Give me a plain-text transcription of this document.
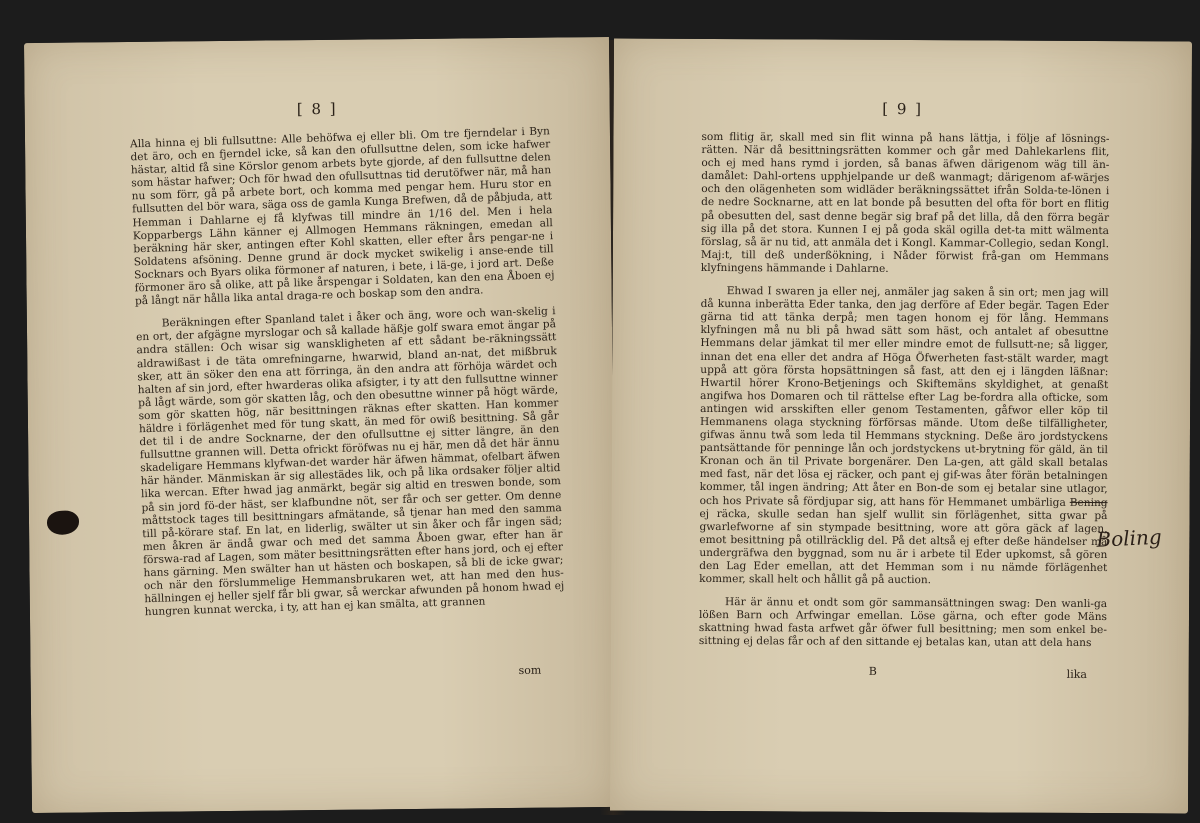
[ 8 ]

Alla hinna ej bli fullsuttne: Alle behöfwa ej eller bli. Om tre fjerndelar i Byn det äro, och en fjerndel icke, så kan den ofullsuttne delen, som icke hafwer hästar, altid få sine Körslor genom arbets byte gjorde, af den fullsuttne delen som hästar hafwer; Och för hwad den ofullsuttnas tid derutöfwer när, må han nu som förr, gå på arbete bort, och komma med pengar hem. Huru stor en fullsutten del bör wara, säga oss de gamla Kunga Brefwen, då de påbjuda, att Hemman i Dahlarne ej få klyfwas till mindre än 1/16 del. Men i hela Kopparbergs Lähn känner ej Allmogen Hemmans räkningen, emedan all beräkning här sker, antingen efter Kohl skatten, eller efter års pengar-ne i Soldatens afsöning. Denne grund är dock mycket swikelig i anse-ende till Socknars och Byars olika förmoner af naturen, i bete, i lä-ge, i jord art. Deße förmoner äro så olike, att på like årspengar i Soldaten, kan den ena Åboen ej på långt när hålla lika antal draga-re och boskap som den andra.

Beräkningen efter Spanland talet i åker och äng, wore och wan-skelig i en ort, der afgägne myrslogar och så kallade häßje golf swara emot ängar på andra ställen: Och wisar sig wanskligheten af ett sådant be-räkningssätt aldrawißast i de täta omrefningarne, hwarwid, bland an-nat, det mißbruk sker, att än söker den ena att förringa, än den andra att förhöja wärdet och halten af sin jord, efter hwarderas olika afsigter, i ty att den fullsuttne winner på lågt wärde, som gör skatten låg, och den obesuttne winner på högt wärde, som gör skatten hög, när besittningen räknas efter skatten. Han kommer häldre i förlägenhet med för tung skatt, än med för owiß besittning. Så går det til i de andre Socknarne, der den ofullsuttne ej sitter längre, än den fullsuttne grannen will. Detta ofrickt föröfwas nu ej här, men då det här ännu skadeligare Hemmans klyfwan-det warder här äfwen hämmat, ofelbart äfwen här händer. Mänmiskan är sig allestädes lik, och på lika ordsaker följer altid lika wercan. Efter hwad jag anmärkt, begär sig altid en treswen bonde, som på sin jord fö-der häst, ser klafbundne nöt, ser får och ser getter. Om denne måttstock tages till besittningars afmätande, så tjenar han med den samma till på-körare staf. En lat, en liderlig, swälter ut sin åker och får ingen säd; men åkren är ändå gwar och med det samma Åboen gwar, efter han är förswa-rad af Lagen, som mäter besittningsrätten efter hans jord, och ej efter hans gärning. Men swälter han ut hästen och boskapen, så bli de icke gwar; och när den förslummelige Hemmansbrukaren wet, att han med den hus-hällningen ej heller sjelf får bli gwar, så werckar afwunden på honom hwad ej hungren kunnat wercka, i ty, att han ej kan smälta, att grannen

som
[ 9 ]

som flitig är, skall med sin flit winna på hans lättja, i följe af lösnings-rätten. När då besittningsrätten kommer och går med Dahlekarlens flit, och ej med hans rymd i jorden, så banas äfwen därigenom wäg till än-damålet: Dahl-ortens upphjelpande ur deß wanmagt; därigenom af-wärjes och den olägenheten som widläder beräkningssättet ifrån Solda-te-lönen i de nedre Socknarne, att en lat bonde på besutten del ofta för bort en flitig på obesutten del, sast denne begär sig braf på det lilla, då den förra begär sig illa på det stora. Kunnen I ej på goda skäl ogilla det-ta mitt wälmenta förslag, så är nu tid, att anmäla det i Kongl. Kammar-Collegio, sedan Kongl. Maj:t, till deß underßökning, i Nåder förwist frå-gan om Hemmans klyfningens hämmande i Dahlarne.

Ehwad I swaren ja eller nej, anmäler jag saken å sin ort; men jag will då kunna inberätta Eder tanka, den jag derföre af Eder begär. Tagen Eder gärna tid att tänka derpå; men tagen honom ej för lång. Hemmans klyfningen må nu bli på hwad sätt som häst, och antalet af obesuttne Hemmans delar jämkat til mer eller mindre emot de fullsutt-ne; så ligger, innan det ena eller det andra af Höga Öfwerheten fast-stält warder, magt uppå att göra första hopsättningen så fast, att den ej i längden läßnar: Hwartil hörer Krono-Betjenings och Skiftemäns skyldighet, at genaßt angifwa hos Domaren och til rättelse efter Lag be-fordra alla ofticke, som antingen wid arsskiften eller genom Testamenten, gåfwor eller köp til Hemmanens olaga styckning förförsas mände. Utom deße tilfälligheter, gifwas ännu twå som leda til Hemmans styckning. Deße äro jordstyckens pantsättande för penninge lån och jordstyckens ut-brytning för gäld, än til Kronan och än til Private borgenärer. Den La-gen, att gäld skall betalas med fast, när det lösa ej räcker, och pant ej gif-was åter förän betalningen kommer, tål ingen ändring; Att åter en Bon-de som ej betalar sine utlagor, och hos Private så fördjupar sig, att hans för Hemmanet umbärliga Bening ej räcka, skulle sedan han sjelf wullit sin förlägenhet, sitta gwar på gwarlefworne af sin stympade besittning, wore att göra gäck af lagen, emot besittning på otillräcklig del. På det altså ej efter deße händelser må undergräfwa den byggnad, som nu är i arbete til Eder upkomst, så gören den Lag Eder emellan, att det Hemman som i nu nämde förlägenhet kommer, skall helt och hållit gå på auction.

Här är ännu et ondt som gör sammansättningen swag: Den wanli-ga lößen Barn och Arfwingar emellan. Löse gärna, och efter gode Mäns skattning hwad fasta arfwet går öfwer full besittning; men som enkel be-sittning ej delas får och af den sittande ej betalas kan, utan att dela hans

B	lika
Boling
